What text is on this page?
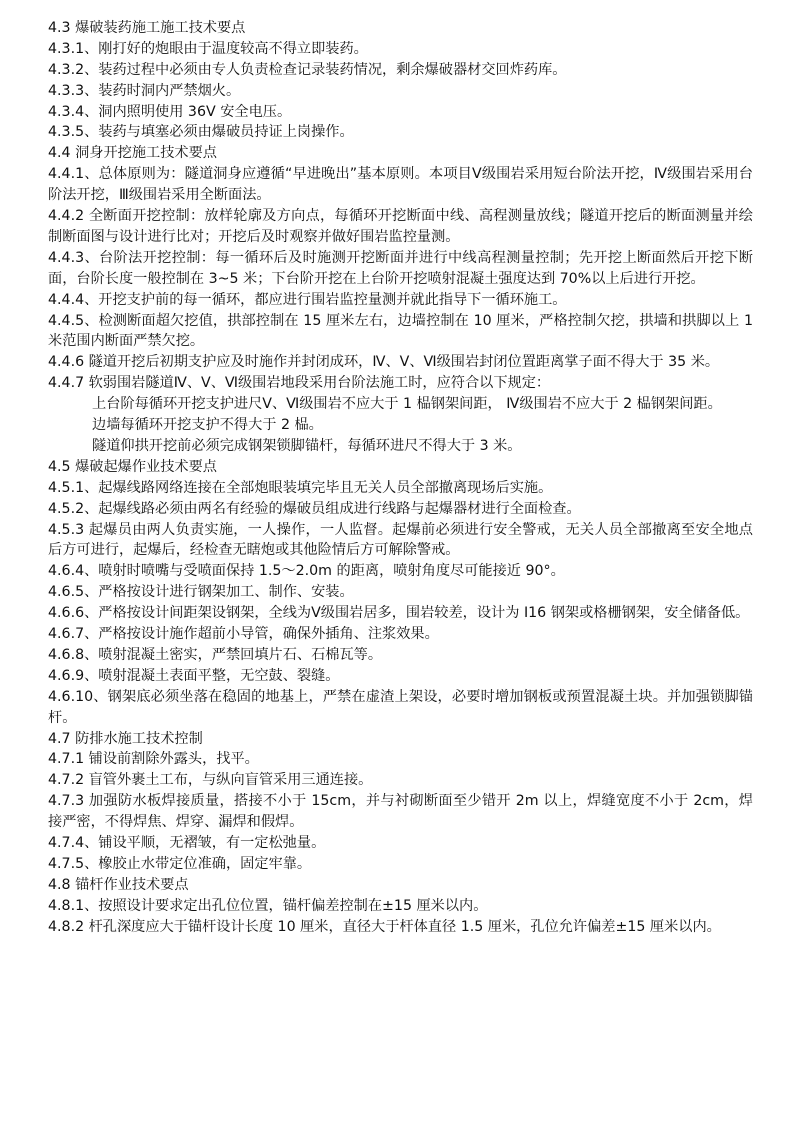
4.3 爆破装药施工施工技术要点
4.3.1、刚打好的炮眼由于温度较高不得立即装药。
4.3.2、装药过程中必须由专人负责检查记录装药情况，剩余爆破器材交回炸药库。
4.3.3、装药时洞内严禁烟火。
4.3.4、洞内照明使用 36V 安全电压。
4.3.5、装药与填塞必须由爆破员持证上岗操作。
4.4 洞身开挖施工技术要点
4.4.1、总体原则为：隧道洞身应遵循“早进晚出”基本原则。本项目Ⅴ级围岩采用短台阶法开挖，Ⅳ级围岩采用台阶法开挖，Ⅲ级围岩采用全断面法。
4.4.2 全断面开挖控制：放样轮廓及方向点，每循环开挖断面中线、高程测量放线；隧道开挖后的断面测量并绘制断面图与设计进行比对；开挖后及时观察并做好围岩监控量测。
4.4.3、台阶法开挖控制：每一循环后及时施测开挖断面并进行中线高程测量控制；先开挖上断面然后开挖下断面，台阶长度一般控制在 3~5 米；下台阶开挖在上台阶开挖喷射混凝土强度达到 70%以上后进行开挖。
4.4.4、开挖支护前的每一循环，都应进行围岩监控量测并就此指导下一循环施工。
4.4.5、检测断面超欠挖值，拱部控制在 15 厘米左右，边墙控制在 10 厘米，严格控制欠挖，拱墙和拱脚以上 1 米范围内断面严禁欠挖。
4.4.6 隧道开挖后初期支护应及时施作并封闭成环，Ⅳ、Ⅴ、Ⅵ级围岩封闭位置距离掌子面不得大于 35 米。
4.4.7 软弱围岩隧道Ⅳ、Ⅴ、Ⅵ级围岩地段采用台阶法施工时，应符合以下规定：
上台阶每循环开挖支护进尺Ⅴ、Ⅵ级围岩不应大于 1 榀钢架间距， Ⅳ级围岩不应大于 2 榀钢架间距。
边墙每循环开挖支护不得大于 2 榀。
隧道仰拱开挖前必须完成钢架锁脚锚杆，每循环进尺不得大于 3 米。
4.5 爆破起爆作业技术要点
4.5.1、起爆线路网络连接在全部炮眼装填完毕且无关人员全部撤离现场后实施。
4.5.2、起爆线路必须由两名有经验的爆破员组成进行线路与起爆器材进行全面检查。
4.5.3 起爆员由两人负责实施，一人操作，一人监督。起爆前必须进行安全警戒，无关人员全部撤离至安全地点后方可进行，起爆后，经检查无瞎炮或其他险情后方可解除警戒。
4.6.4、喷射时喷嘴与受喷面保持 1.5～2.0m 的距离，喷射角度尽可能接近 90°。
4.6.5、严格按设计进行钢架加工、制作、安装。
4.6.6、严格按设计间距架设钢架，全线为Ⅴ级围岩居多，围岩较差，设计为 I16 钢架或格栅钢架，安全储备低。
4.6.7、严格按设计施作超前小导管，确保外插角、注浆效果。
4.6.8、喷射混凝土密实，严禁回填片石、石棉瓦等。
4.6.9、喷射混凝土表面平整，无空鼓、裂缝。
4.6.10、钢架底必须坐落在稳固的地基上，严禁在虚渣上架设，必要时增加钢板或预置混凝土块。并加强锁脚锚杆。
4.7 防排水施工技术控制
4.7.1 铺设前割除外露头，找平。
4.7.2 盲管外裹土工布，与纵向盲管采用三通连接。
4.7.3 加强防水板焊接质量，搭接不小于 15cm，并与衬砌断面至少错开 2m 以上，焊缝宽度不小于 2cm，焊接严密，不得焊焦、焊穿、漏焊和假焊。
4.7.4、铺设平顺，无褶皱，有一定松弛量。
4.7.5、橡胶止水带定位准确，固定牢靠。
4.8 锚杆作业技术要点
4.8.1、按照设计要求定出孔位位置，锚杆偏差控制在±15 厘米以内。
4.8.2 杆孔深度应大于锚杆设计长度 10 厘米，直径大于杆体直径 1.5 厘米，孔位允许偏差±15 厘米以内。
